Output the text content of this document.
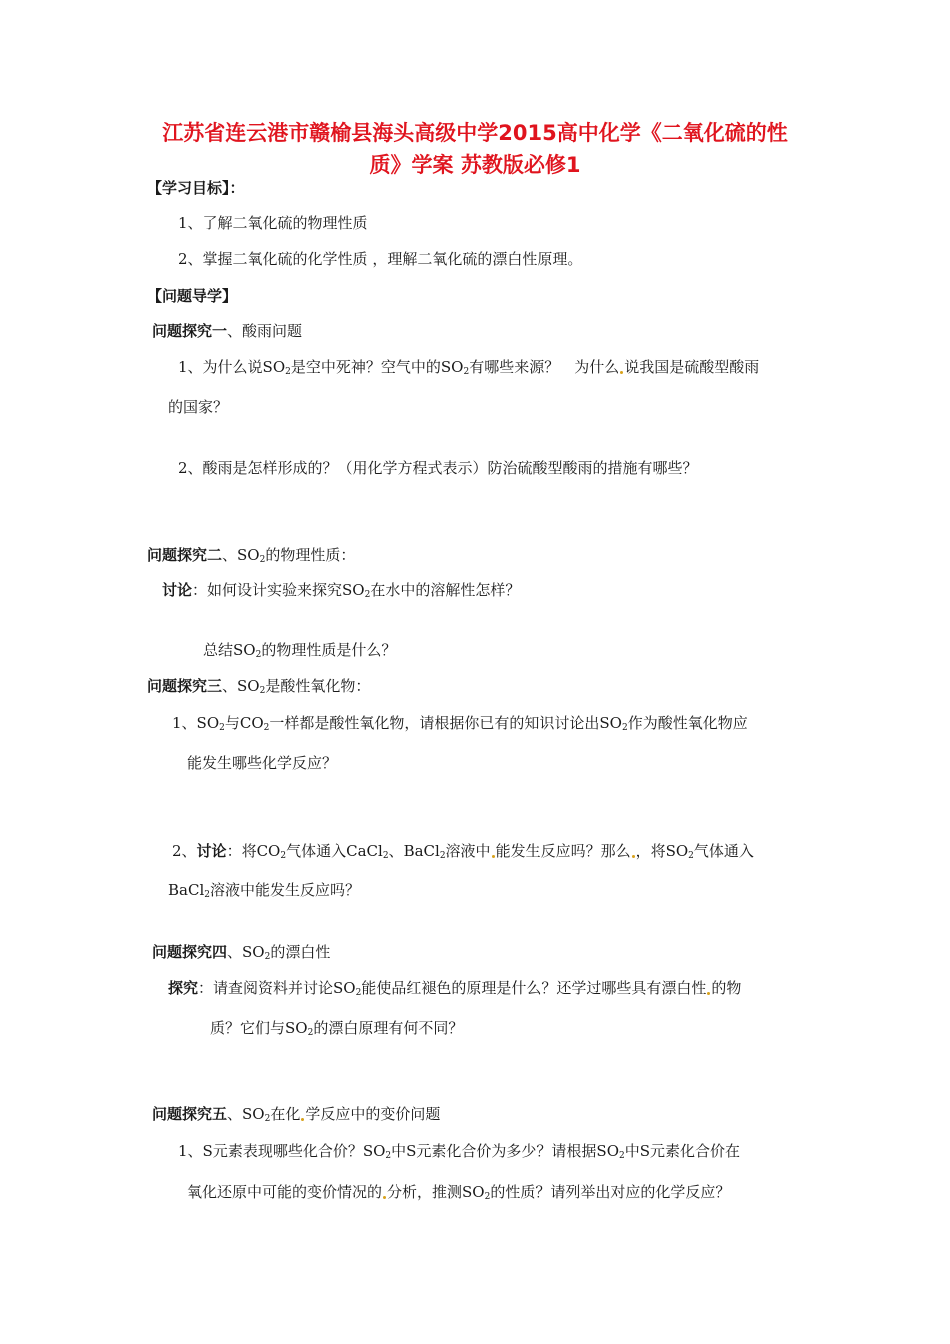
江苏省连云港市赣榆县海头高级中学2015高中化学《二氧化硫的性
质》学案 苏教版必修1
【学习目标】：
1、了解二氧化硫的物理性质
2、掌握二氧化硫的化学性质 ，理解二氧化硫的漂白性原理。
【问题导学】
问题探究一、酸雨问题
1、为什么说$SO_2$是空中死神？空气中的$SO_2$有哪些来源？　为什么 说我国是硫酸型酸雨
的国家？
2、酸雨是怎样形成的？（用化学方程式表示）防治硫酸型酸雨的措施有哪些？
问题探究二、$SO_2$的物理性质：
讨论：如何设计实验来探究$SO_2$在水中的溶解性怎样？
总结$SO_2$的物理性质是什么？
问题探究三、$SO_2$是酸性氧化物：
1、$SO_2$与$CO_2$一样都是酸性氧化物，请根据你已有的知识讨论出$SO_2$作为酸性氧化物应
能发生哪些化学反应？
2、讨论：将$CO_2$气体通入CaCl$_2$、BaCl$_2$溶液中 能发生反应吗？那么 ，将$SO_2$气体通入
BaCl$_2$溶液中能发生反应吗？
问题探究四、$SO_2$的漂白性
探究：请查阅资料并讨论$SO_2$能使品红褪色的原理是什么？还学过哪些具有漂白性 的物
质？它们与$SO_2$的漂白原理有何不同？
问题探究五、$SO_2$在化 学反应中的变价问题
1、S元素表现哪些化合价？$SO_2$中S元素化合价为多少？请根据$SO_2$中S元素化合价在
氧化还原中可能的变价情况的 分析，推测$SO_2$的性质？请列举出对应的化学反应？
